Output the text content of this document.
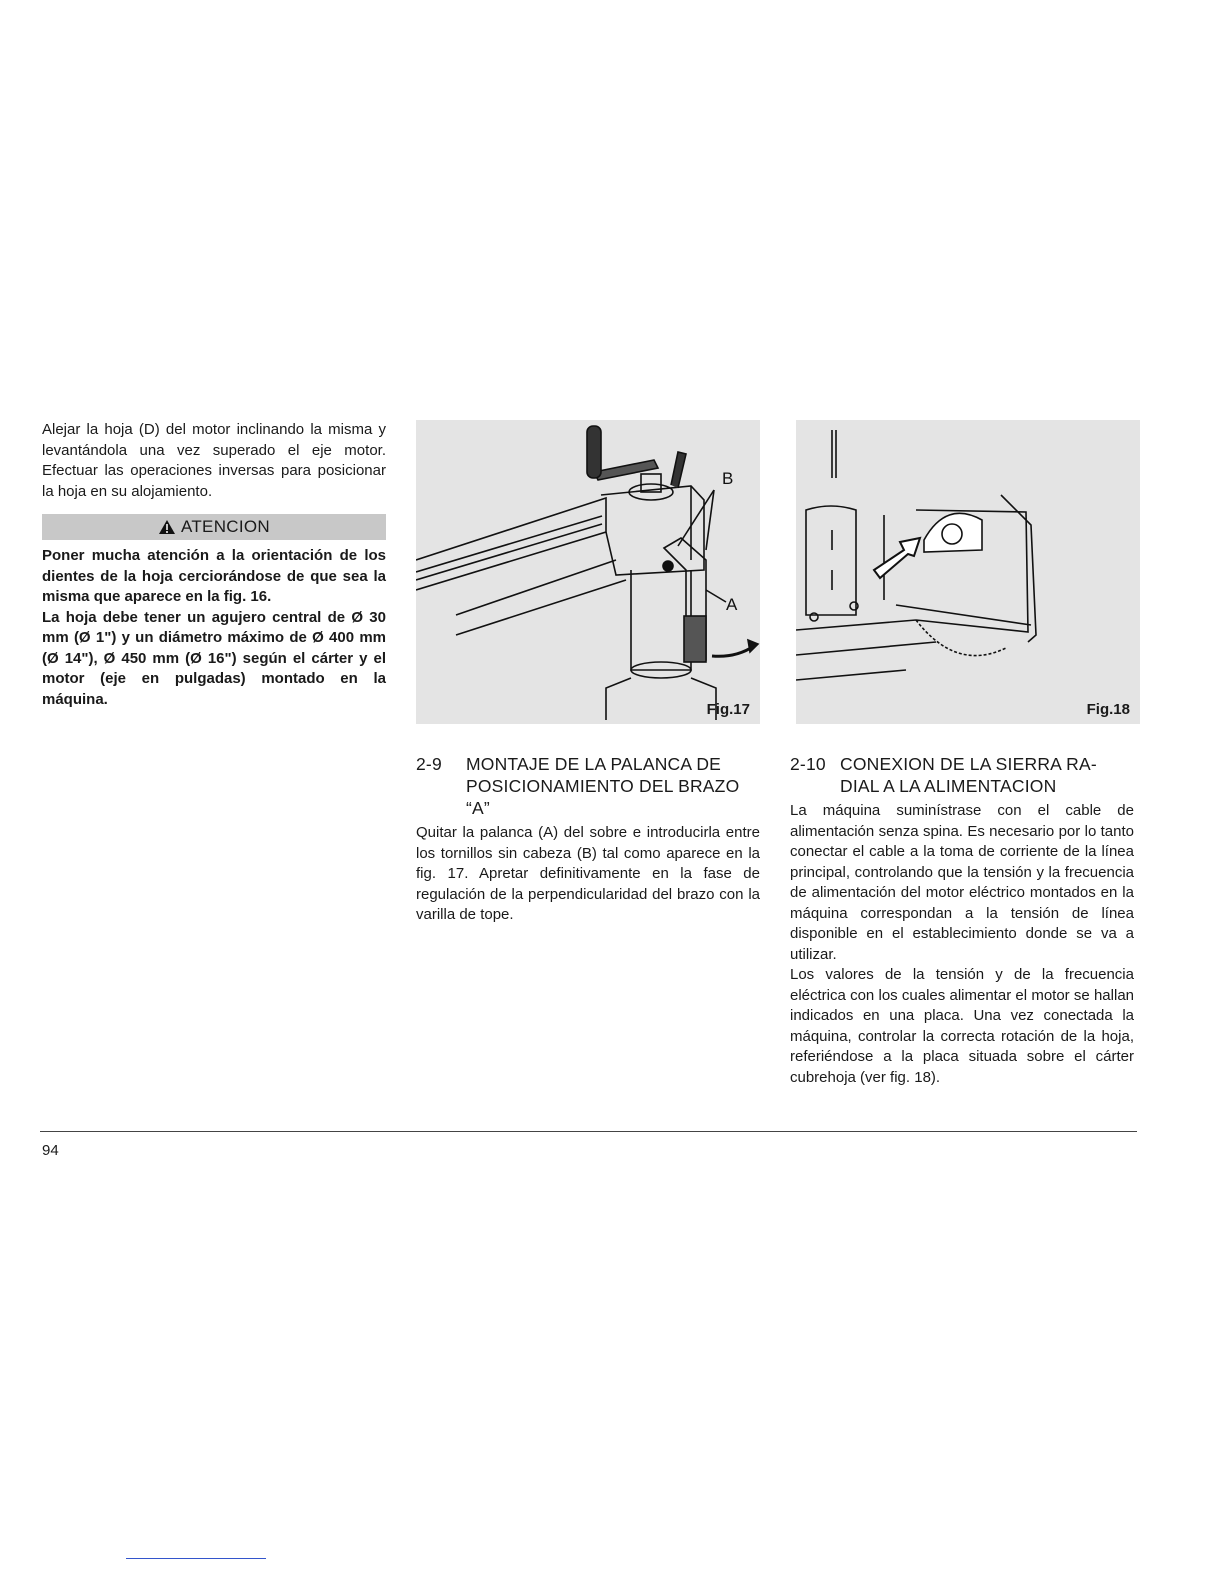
Alejar la hoja (D) del motor inclinando la misma y levantándola una vez superado el eje motor. Efectuar las operaciones inversas para posicionar la hoja en su alojamiento.

ATENCION

Poner mucha atención a la orientación de los dientes de la hoja cerciorándose de que sea la misma que aparece en la fig. 16.

La hoja debe tener un agujero central de Ø 30 mm (Ø 1") y un diámetro máximo de Ø 400 mm (Ø 14"), Ø 450 mm (Ø 16") según el cárter y el motor (eje en pulgadas) montado en la máquina.

B
A
Fig.17	Fig.18
2-9 MONTAJE DE LA PALANCA DE
POSICIONAMIENTO DEL BRAZO
“A”

Quitar la palanca (A) del sobre e introducirla entre los tornillos sin cabeza (B) tal como aparece en la fig. 17. Apretar definitivamente en la fase de regulación de la perpendicularidad del brazo con la varilla de tope.

2-10 CONEXION DE LA SIERRA RA-
DIAL A LA ALIMENTACION

La máquina suminístrase con el cable de alimentación senza spina. Es necesario por lo tanto conectar el cable a la toma de corriente de la línea principal, controlando que la tensión y la frecuencia de alimentación del motor eléctrico montados en la máquina correspondan a la tensión de línea disponible en el establecimiento donde se va a utilizar.

Los valores de la tensión y de la frecuencia eléctrica con los cuales alimentar el motor se hallan indicados en una placa. Una vez conectada la máquina, controlar la correcta rotación de la hoja, referiéndose a la placa situada sobre el cárter cubrehoja (ver fig. 18).

94
